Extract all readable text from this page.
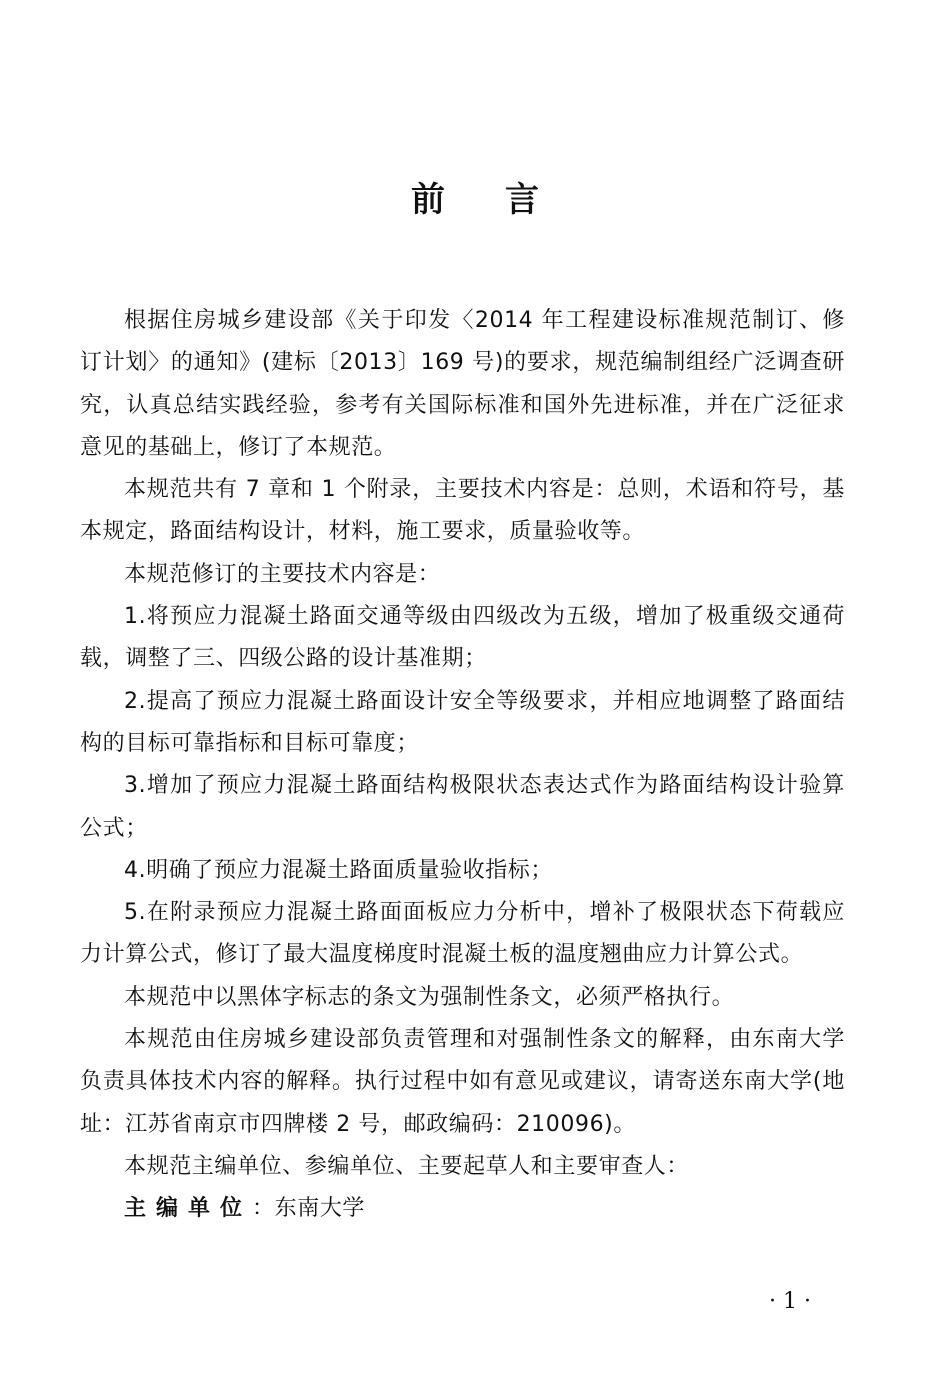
前言

根据住房城乡建设部《关于印发〈2014 年工程建设标准规范制订、修订计划〉的通知》(建标〔2013〕169 号)的要求，规范编制组经广泛调查研究，认真总结实践经验，参考有关国际标准和国外先进标准，并在广泛征求意见的基础上，修订了本规范。

本规范共有 7 章和 1 个附录，主要技术内容是：总则，术语和符号，基本规定，路面结构设计，材料，施工要求，质量验收等。

本规范修订的主要技术内容是：

1.将预应力混凝土路面交通等级由四级改为五级，增加了极重级交通荷载，调整了三、四级公路的设计基准期；

2.提高了预应力混凝土路面设计安全等级要求，并相应地调整了路面结构的目标可靠指标和目标可靠度；

3.增加了预应力混凝土路面结构极限状态表达式作为路面结构设计验算公式；

4.明确了预应力混凝土路面质量验收指标；

5.在附录预应力混凝土路面面板应力分析中，增补了极限状态下荷载应力计算公式，修订了最大温度梯度时混凝土板的温度翘曲应力计算公式。

本规范中以黑体字标志的条文为强制性条文，必须严格执行。

本规范由住房城乡建设部负责管理和对强制性条文的解释，由东南大学负责具体技术内容的解释。执行过程中如有意见或建议，请寄送东南大学(地址：江苏省南京市四牌楼 2 号，邮政编码：210096)。

本规范主编单位、参编单位、主要起草人和主要审查人：

主编单位：东南大学
· 1 ·
